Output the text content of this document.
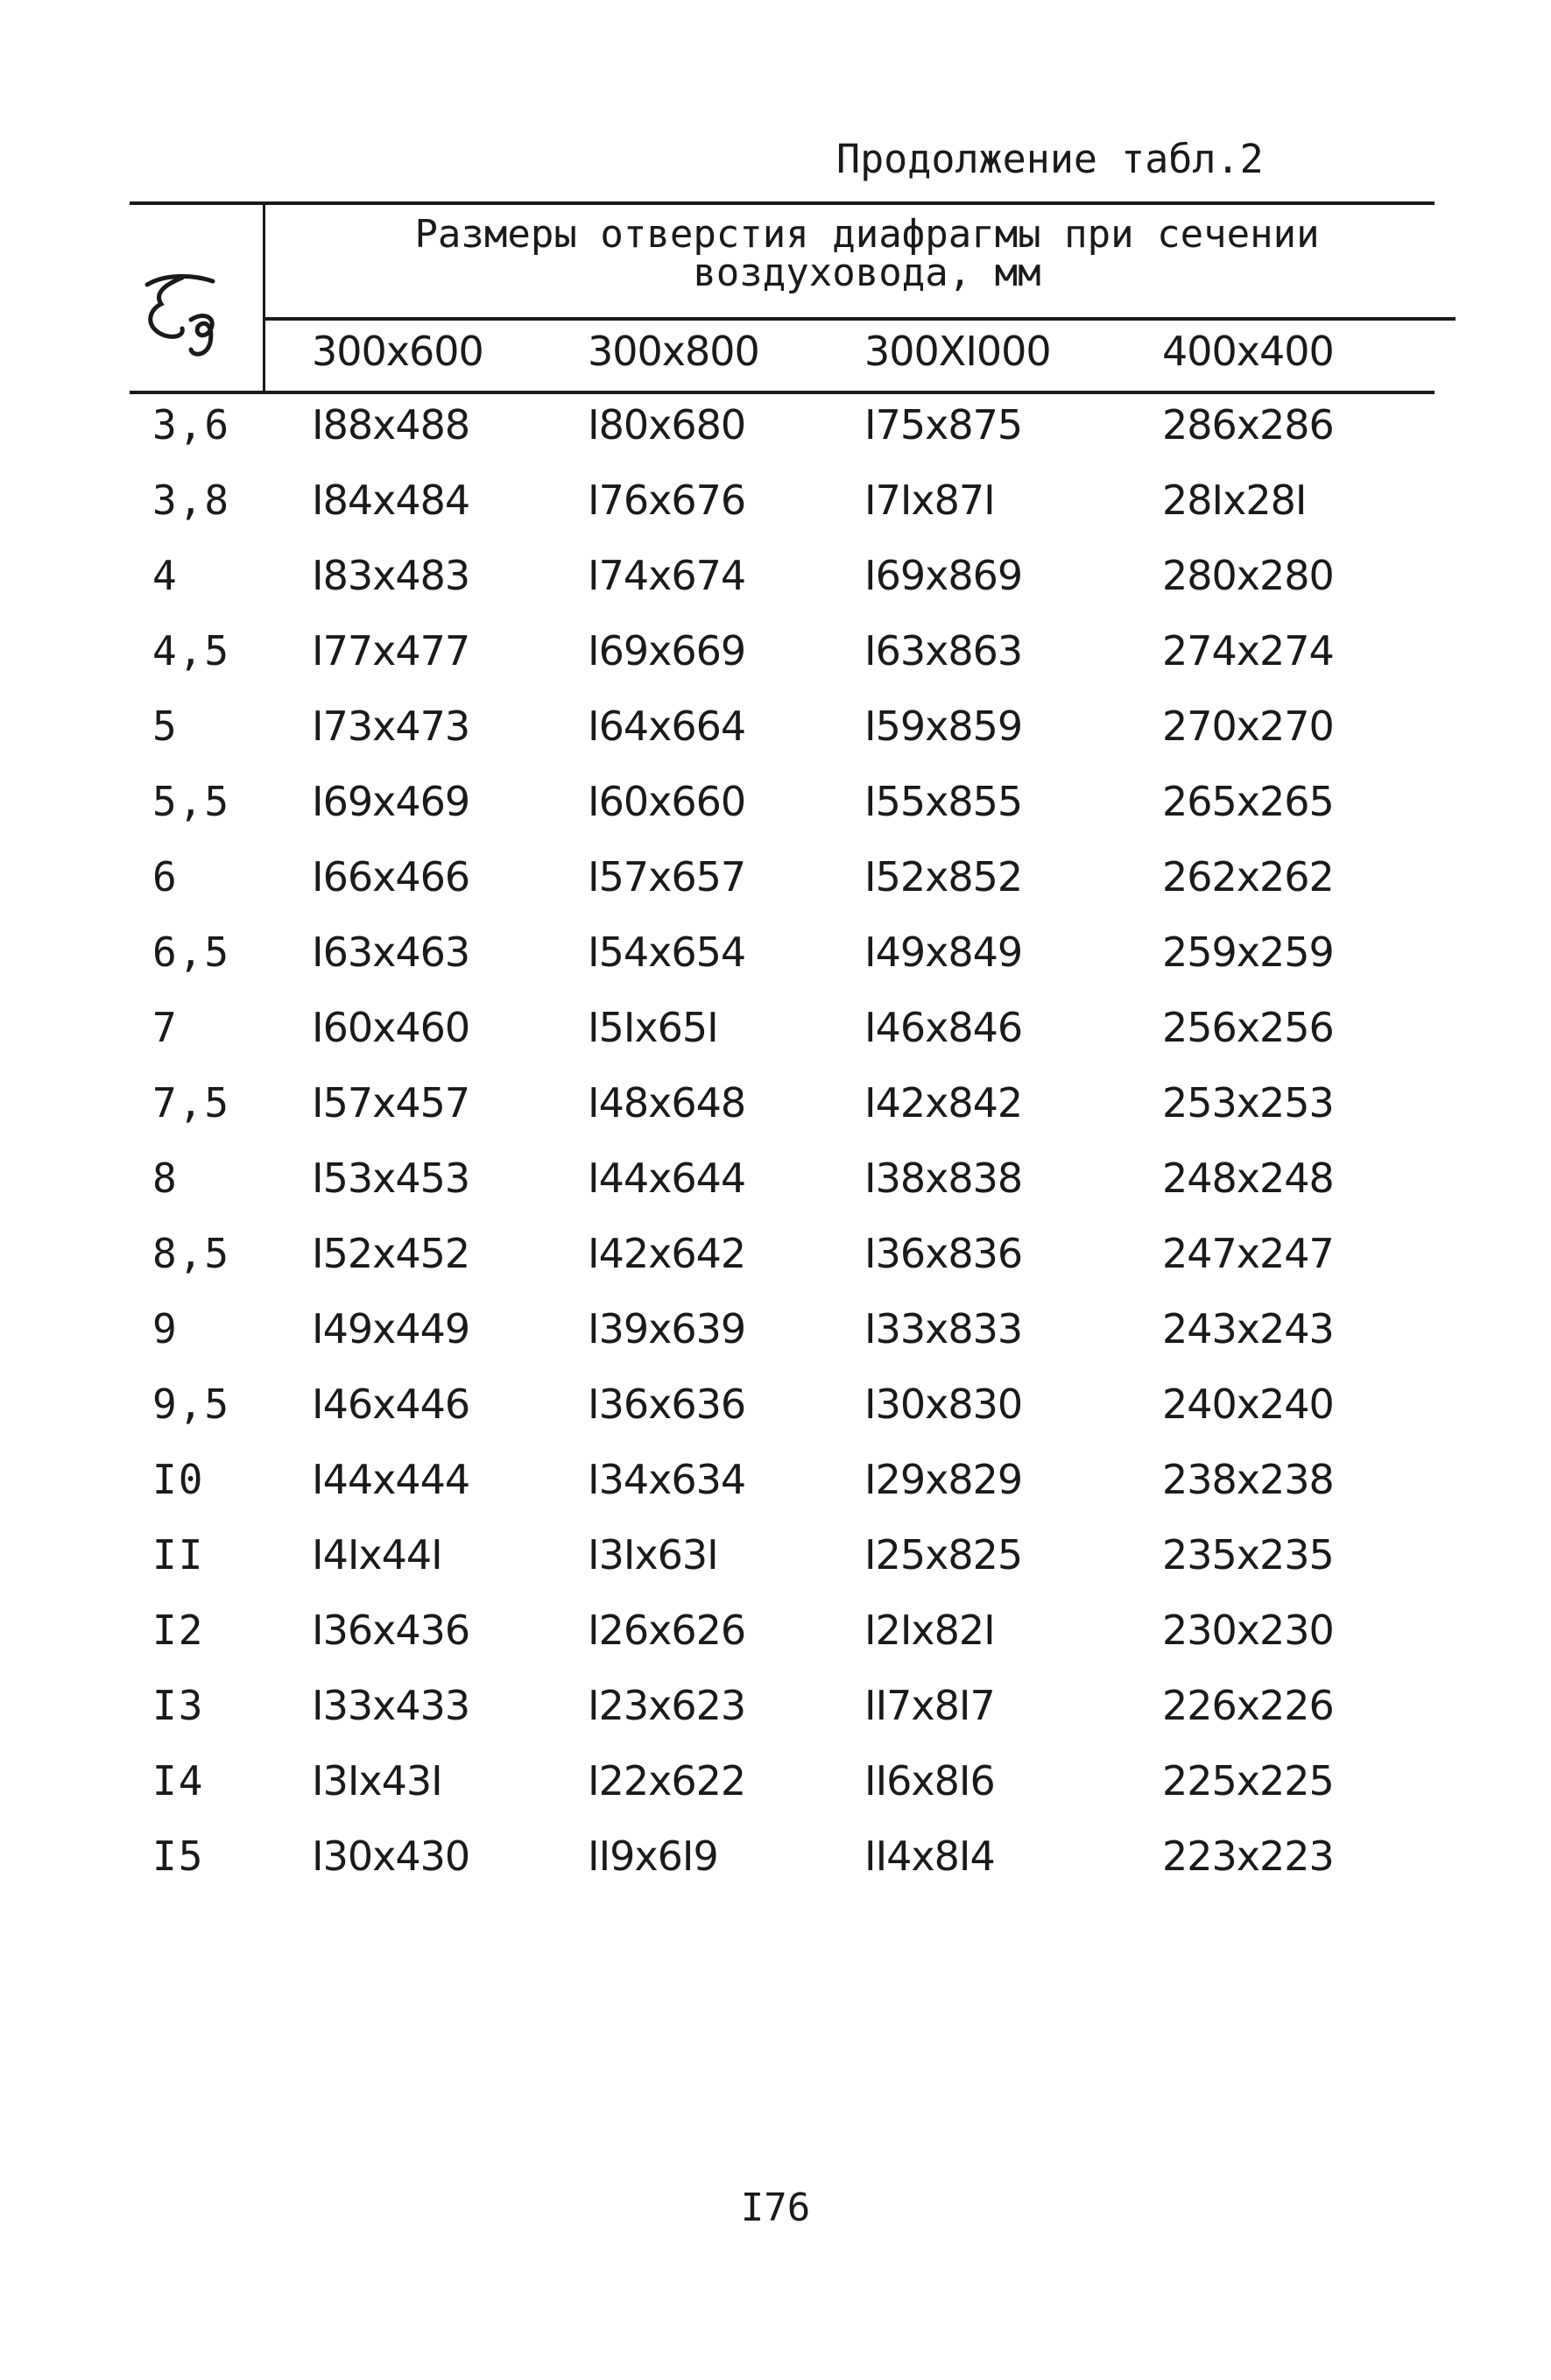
Продолжение табл.2
Размеры отверстия диафрагмы при сечении
воздуховода, мм
300x600	300x800	300XI000	400x400
3,6 I88x488	I80x680	I75x875	286x286
3,8 I84x484	I76x676	I7Ix87I	28Ix28I
4	I83x483	I74x674	I69x869	280x280
4,5 I77x477	I69x669	I63x863	274x274
5	I73x473	I64x664	I59x859	270x270
5,5 I69x469	I60x660	I55x855	265x265
6	I66x466	I57x657	I52x852	262x262
6,5 I63x463	I54x654	I49x849	259x259
7	I60x460	I5Ix65I	I46x846	256x256
7,5 I57x457	I48x648	I42x842	253x253
8	I53x453	I44x644	I38x838	248x248
8,5 I52x452	I42x642	I36x836	247x247
9	I49x449	I39x639	I33x833	243x243
9,5 I46x446	I36x636	I30x830	240x240
I0	I44x444	I34x634	I29x829	238x238
II	I4Ix44I	I3Ix63I	I25x825	235x235
I2	I36x436	I26x626	I2Ix82I	230x230
I3	I33x433	I23x623	II7x8I7	226x226
I4	I3Ix43I	I22x622	II6x8I6	225x225
I5	I30x430	II9x6I9	II4x8I4	223x223
I76
